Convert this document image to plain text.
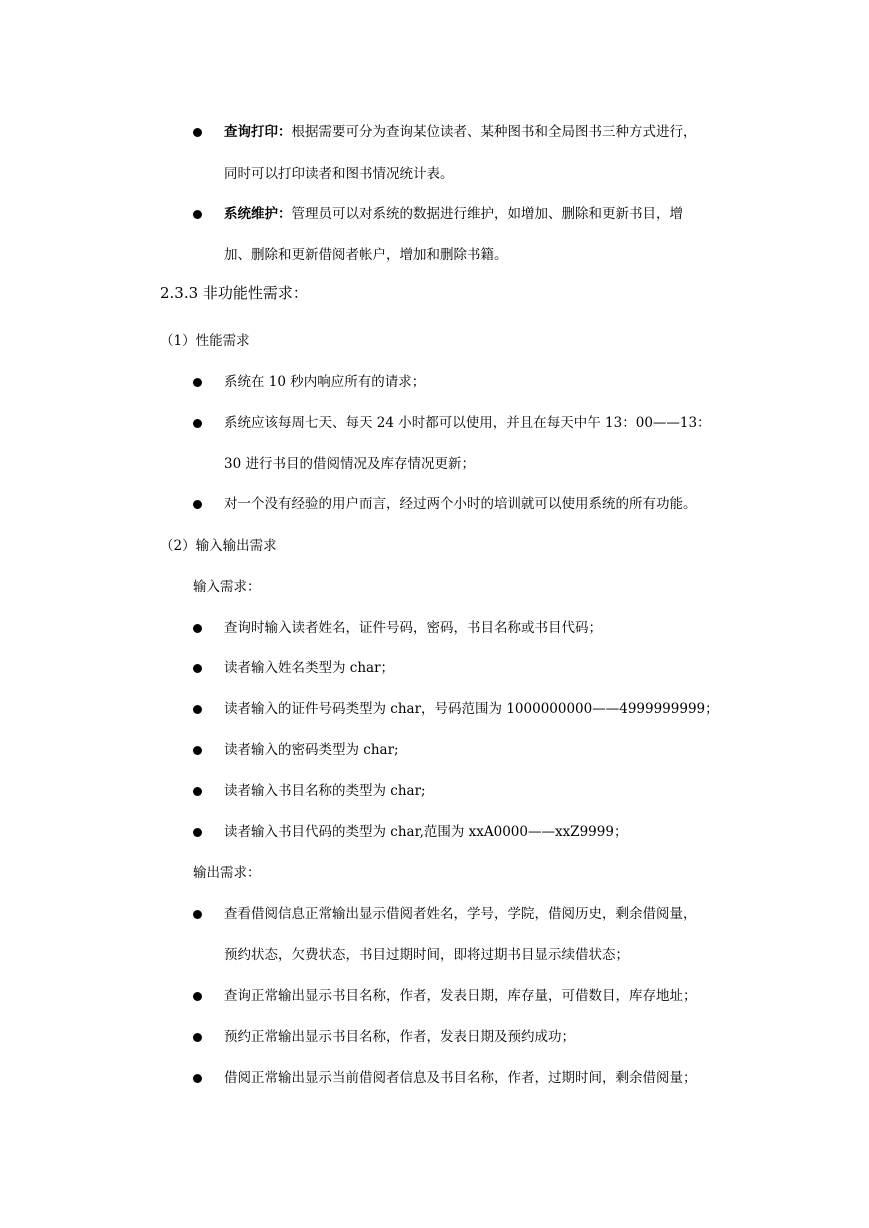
查询打印：根据需要可分为查询某位读者、某种图书和全局图书三种方式进行，
同时可以打印读者和图书情况统计表。
系统维护：管理员可以对系统的数据进行维护，如增加、删除和更新书目，增
加、删除和更新借阅者帐户，增加和删除书籍。
2.3.3 非功能性需求：
（1）性能需求
系统在 10 秒内响应所有的请求；
系统应该每周七天、每天 24 小时都可以使用，并且在每天中午 13：00——13：
30 进行书目的借阅情况及库存情况更新；
对一个没有经验的用户而言，经过两个小时的培训就可以使用系统的所有功能。
（2）输入输出需求
输入需求：
查询时输入读者姓名，证件号码，密码，书目名称或书目代码；
读者输入姓名类型为 char；
读者输入的证件号码类型为 char，号码范围为 1000000000——4999999999；
读者输入的密码类型为 char;
读者输入书目名称的类型为 char;
读者输入书目代码的类型为 char,范围为 xxA0000——xxZ9999；
输出需求：
查看借阅信息正常输出显示借阅者姓名，学号，学院，借阅历史，剩余借阅量，
预约状态，欠费状态，书目过期时间，即将过期书目显示续借状态；
查询正常输出显示书目名称，作者，发表日期，库存量，可借数目，库存地址；
预约正常输出显示书目名称，作者，发表日期及预约成功；
借阅正常输出显示当前借阅者信息及书目名称，作者，过期时间，剩余借阅量；
